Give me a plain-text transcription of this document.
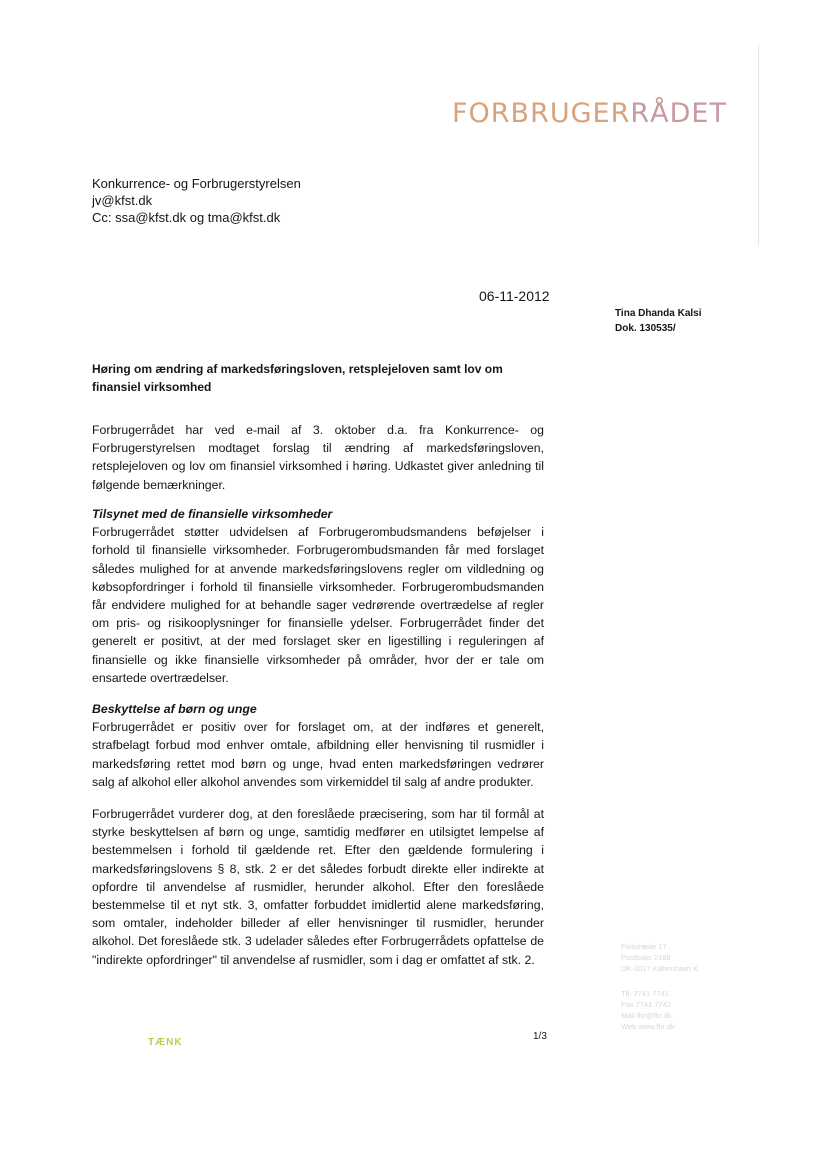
FORBRUGERRÅDET
Konkurrence- og Forbrugerstyrelsen
jv@kfst.dk
Cc: ssa@kfst.dk og tma@kfst.dk
06-11-2012
Tina Dhanda Kalsi
Dok. 130535/
Høring om ændring af markedsføringsloven, retsplejeloven samt lov om finansiel virksomhed
Forbrugerrådet har ved e-mail af 3. oktober d.a. fra Konkurrence- og Forbrugerstyrelsen modtaget forslag til ændring af markedsføringsloven, retsplejeloven og lov om finansiel virksomhed i høring. Udkastet giver anledning til følgende bemærkninger.
Tilsynet med de finansielle virksomheder
Forbrugerrådet støtter udvidelsen af Forbrugerombudsmandens beføjelser i forhold til finansielle virksomheder. Forbrugerombudsmanden får med forslaget således mulighed for at anvende markedsføringslovens regler om vildledning og købsopfordringer i forhold til finansielle virksomheder. Forbrugerombudsmanden får endvidere mulighed for at behandle sager vedrørende overtrædelse af regler om pris- og risikooplysninger for finansielle ydelser. Forbrugerrådet finder det generelt er positivt, at der med forslaget sker en ligestilling i reguleringen af finansielle og ikke finansielle virksomheder på områder, hvor der er tale om ensartede overtrædelser.
Beskyttelse af børn og unge
Forbrugerrådet er positiv over for forslaget om, at der indføres et generelt, strafbelagt forbud mod enhver omtale, afbildning eller henvisning til rusmidler i markedsføring rettet mod børn og unge, hvad enten markedsføringen vedrører salg af alkohol eller alkohol anvendes som virkemiddel til salg af andre produkter.
Forbrugerrådet vurderer dog, at den foreslåede præcisering, som har til formål at styrke beskyttelsen af børn og unge, samtidig medfører en utilsigtet lempelse af bestemmelsen i forhold til gældende ret. Efter den gældende formulering i markedsføringslovens § 8, stk. 2 er det således forbudt direkte eller indirekte at opfordre til anvendelse af rusmidler, herunder alkohol. Efter den foreslåede bestemmelse til et nyt stk. 3, omfatter forbuddet imidlertid alene markedsføring, som omtaler, indeholder billeder af eller henvisninger til rusmidler, herunder alkohol. Det foreslåede stk. 3 udelader således efter Forbrugerrådets opfattelse de "indirekte opfordringer" til anvendelse af rusmidler, som i dag er omfattet af stk. 2.
Fiolstræde 17
Postboks 2188
DK-1017 København K
Tlf. 7741 7741
Fax 7741 7742
Mail fbr@fbr.dk
Web www.fbr.dk
1/3
TÆNK
